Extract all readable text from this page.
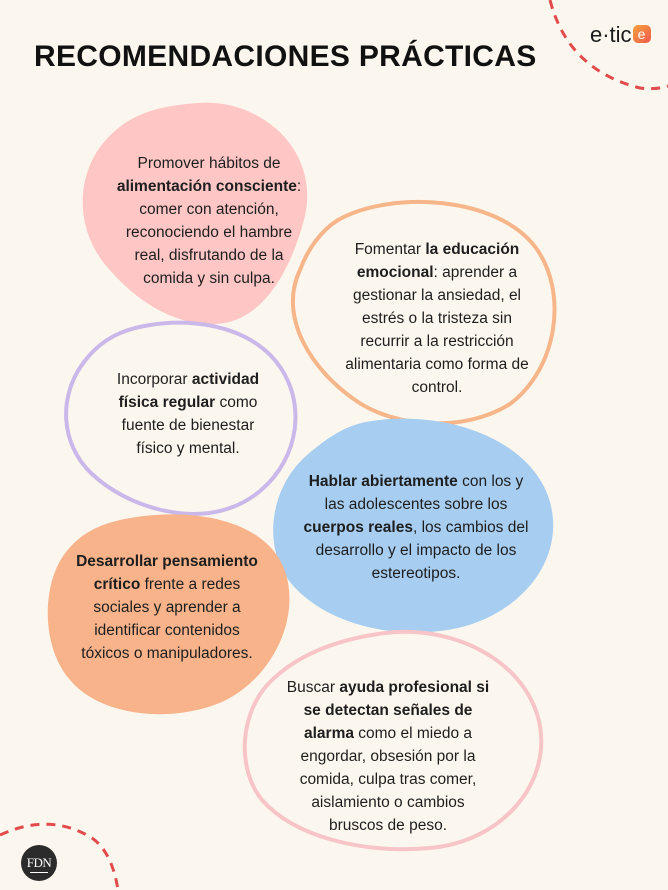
RECOMENDACIONES PRÁCTICAS
e·tic e
Promover hábitos de alimentación consciente: comer con atención, reconociendo el hambre real, disfrutando de la comida y sin culpa.
Fomentar la educación emocional: aprender a gestionar la ansiedad, el estrés o la tristeza sin recurrir a la restricción alimentaria como forma de control.
Incorporar actividad física regular como fuente de bienestar físico y mental.
Hablar abiertamente con los y las adolescentes sobre los cuerpos reales, los cambios del desarrollo y el impacto de los estereotipos.
Desarrollar pensamiento crítico frente a redes sociales y aprender a identificar contenidos tóxicos o manipuladores.
Buscar ayuda profesional si se detectan señales de alarma como el miedo a engordar, obsesión por la comida, culpa tras comer, aislamiento o cambios bruscos de peso.
FDN
